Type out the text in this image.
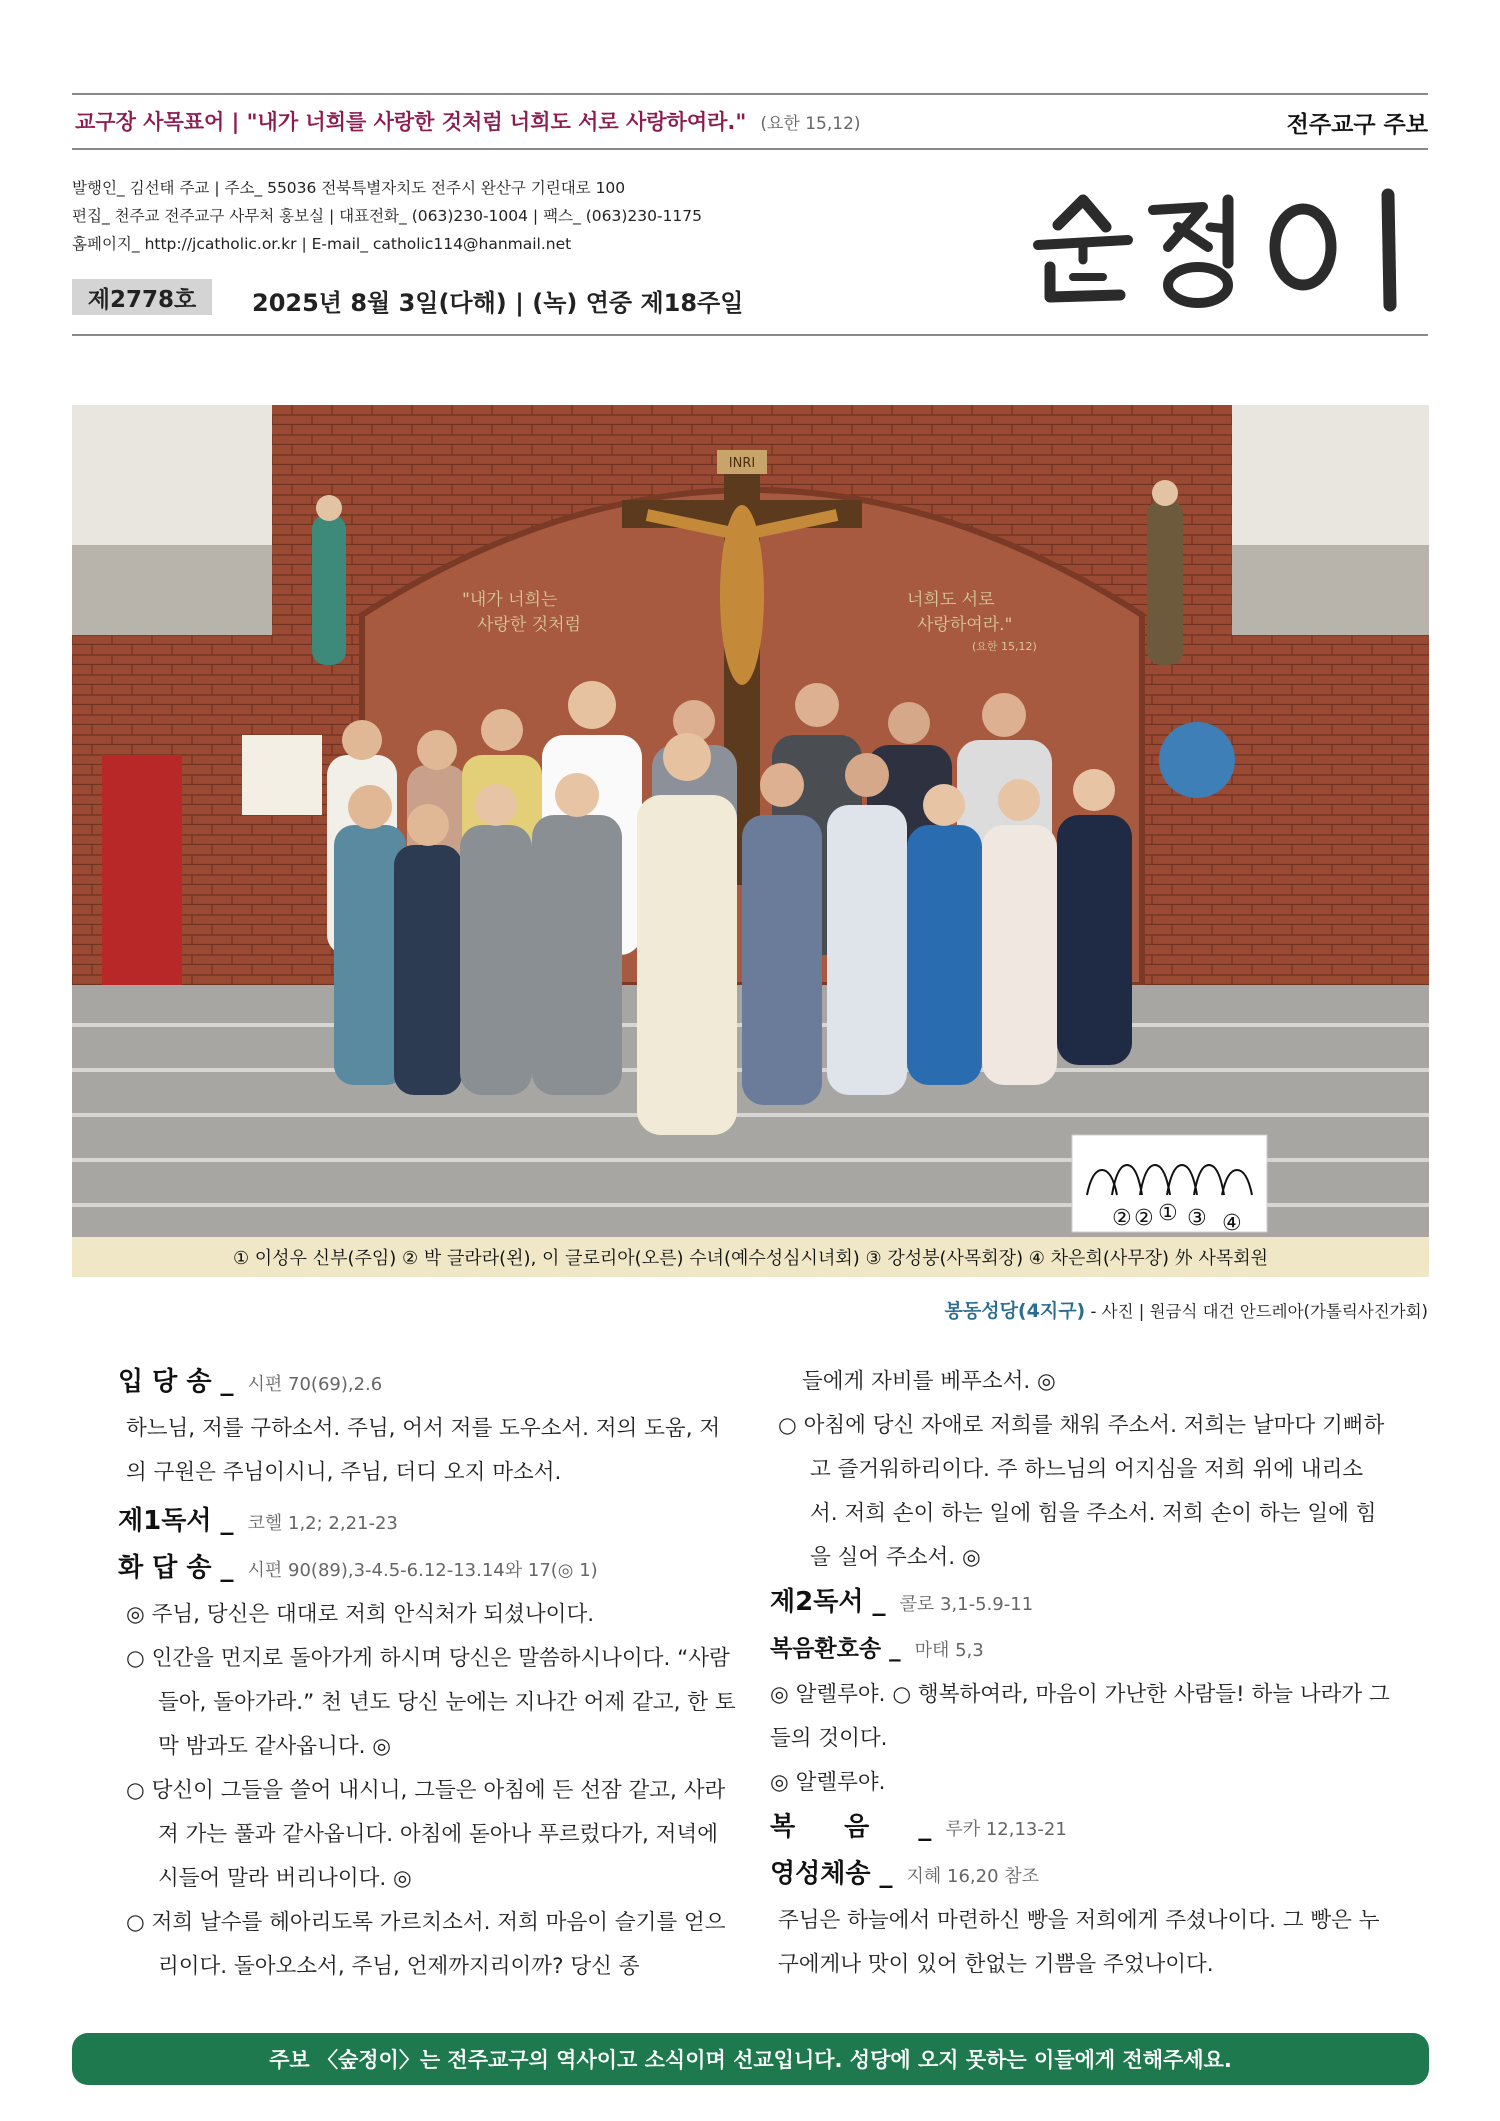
교구장 사목표어 | "내가 너희를 사랑한 것처럼 너희도 서로 사랑하여라." (요한 15,12)	전주교구 주보
발행인_ 김선태 주교 | 주소_ 55036 전북특별자치도 전주시 완산구 기린대로 100
편집_ 천주교 전주교구 사무처 홍보실 | 대표전화_ (063)230-1004 | 팩스_ (063)230-1175
홈페이지_ http://jcatholic.or.kr | E-mail_ catholic114@hanmail.net
제2778호	2025년 8월 3일(다해) | (녹) 연중 제18주일
숲정이
INRI
"내가 너희는
사랑한 것처럼
너희도 서로
사랑하여라."
(요한 15,12)
② ② ① ③ ④
① 이성우 신부(주임) ② 박 글라라(왼), 이 글로리아(오른) 수녀(예수성심시녀회) ③ 강성붕(사목회장) ④ 차은희(사무장) 外 사목회원
봉동성당(4지구) - 사진 | 원금식 대건 안드레아(가톨릭사진가회)
입 당 송 _ 시편 70(69),2.6
하느님, 저를 구하소서. 주님, 어서 저를 도우소서. 저의 도움, 저의 구원은 주님이시니, 주님, 더디 오지 마소서.
제1독서 _ 코헬 1,2; 2,21-23
화 답 송 _ 시편 90(89),3-4.5-6.12-13.14와 17(◎ 1)
◎ 주님, 당신은 대대로 저희 안식처가 되셨나이다.
○ 인간을 먼지로 돌아가게 하시며 당신은 말씀하시나이다. “사람들아, 돌아가라.” 천 년도 당신 눈에는 지나간 어제 같고, 한 토막 밤과도 같사옵니다. ◎
○ 당신이 그들을 쓸어 내시니, 그들은 아침에 든 선잠 같고, 사라져 가는 풀과 같사옵니다. 아침에 돋아나 푸르렀다가, 저녁에 시들어 말라 버리나이다. ◎
○ 저희 날수를 헤아리도록 가르치소서. 저희 마음이 슬기를 얻으리이다. 돌아오소서, 주님, 언제까지리이까? 당신 종
들에게 자비를 베푸소서. ◎
○ 아침에 당신 자애로 저희를 채워 주소서. 저희는 날마다 기뻐하고 즐거워하리이다. 주 하느님의 어지심을 저희 위에 내리소서. 저희 손이 하는 일에 힘을 주소서. 저희 손이 하는 일에 힘을 실어 주소서. ◎
제2독서 _ 콜로 3,1-5.9-11
복음환호송 _ 마태 5,3
◎ 알렐루야. ○ 행복하여라, 마음이 가난한 사람들! 하늘 나라가 그들의 것이다.
◎ 알렐루야.
복 음 _ 루카 12,13-21
영성체송 _ 지혜 16,20 참조
주님은 하늘에서 마련하신 빵을 저희에게 주셨나이다. 그 빵은 누구에게나 맛이 있어 한없는 기쁨을 주었나이다.
주보 〈숲정이〉는 전주교구의 역사이고 소식이며 선교입니다. 성당에 오지 못하는 이들에게 전해주세요.
